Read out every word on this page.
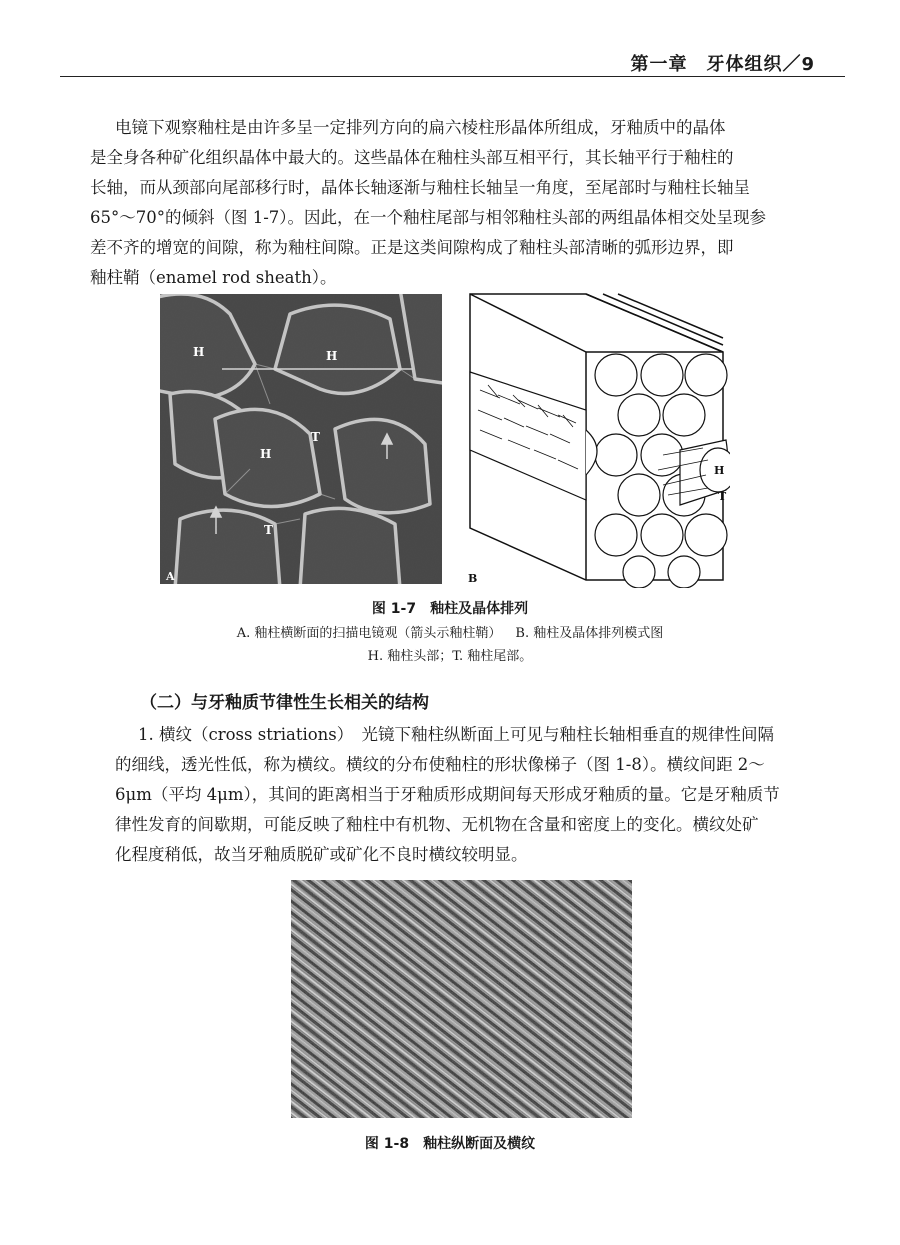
第一章　牙体组织／9

电镜下观察釉柱是由许多呈一定排列方向的扁六棱柱形晶体所组成，牙釉质中的晶体
是全身各种矿化组织晶体中最大的。这些晶体在釉柱头部互相平行，其长轴平行于釉柱的
长轴，而从颈部向尾部移行时，晶体长轴逐渐与釉柱长轴呈一角度，至尾部时与釉柱长轴呈
65°～70°的倾斜（图 1-7）。因此，在一个釉柱尾部与相邻釉柱头部的两组晶体相交处呈现参
差不齐的增宽的间隙，称为釉柱间隙。正是这类间隙构成了釉柱头部清晰的弧形边界，即
釉柱鞘（enamel rod sheath）。

H	H
H
T
T
A
H
T
B

图 1-7 釉柱及晶体排列

A. 釉柱横断面的扫描电镜观（箭头示釉柱鞘） B. 釉柱及晶体排列模式图

H. 釉柱头部；T. 釉柱尾部。

（二）与牙釉质节律性生长相关的结构

1. 横纹（cross striations）　光镜下釉柱纵断面上可见与釉柱长轴相垂直的规律性间隔
的细线，透光性低，称为横纹。横纹的分布使釉柱的形状像梯子（图 1-8）。横纹间距 2～
6μm（平均 4μm），其间的距离相当于牙釉质形成期间每天形成牙釉质的量。它是牙釉质节
律性发育的间歇期，可能反映了釉柱中有机物、无机物在含量和密度上的变化。横纹处矿
化程度稍低，故当牙釉质脱矿或矿化不良时横纹较明显。

图 1-8 釉柱纵断面及横纹
